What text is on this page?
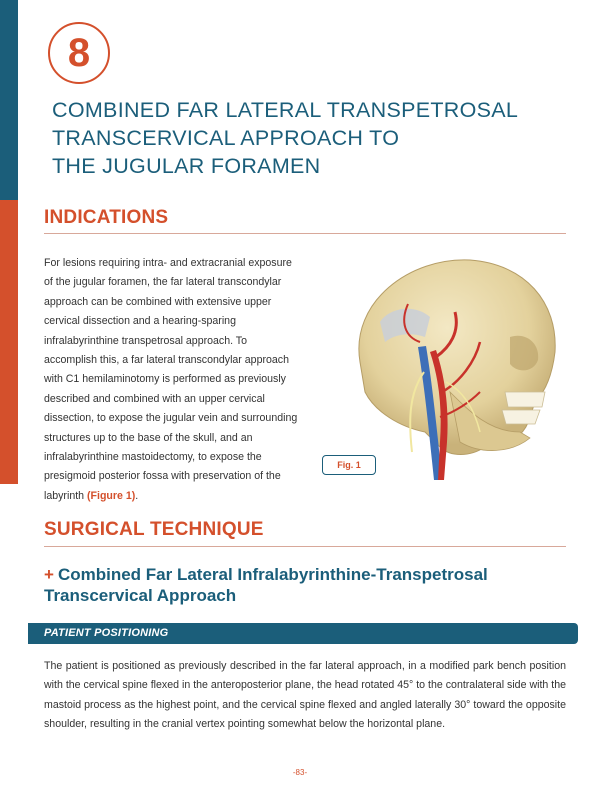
8
COMBINED FAR LATERAL TRANSPETROSAL
TRANSCERVICAL APPROACH TO
THE JUGULAR FORAMEN
INDICATIONS

For lesions requiring intra- and extracranial exposure of the jugular foramen, the far lateral transcondylar approach can be combined with extensive upper cervical dissection and a hearing-sparing infralabyrinthine transpetrosal approach. To accomplish this, a far lateral transcondylar approach with C1 hemilaminotomy is performed as previously described and combined with an upper cervical dissection, to expose the jugular vein and surrounding structures up to the base of the skull, and an infralabyrinthine mastoidectomy, to expose the presigmoid posterior fossa with preservation of the labyrinth (Figure 1).

Fig. 1
SURGICAL TECHNIQUE
+ Combined Far Lateral Infralabyrinthine-Transpetrosal Transcervical Approach
PATIENT POSITIONING

The patient is positioned as previously described in the far lateral approach, in a modified park bench position with the cervical spine flexed in the anteroposterior plane, the head rotated 45° to the contralateral side with the mastoid process as the highest point, and the cervical spine flexed and angled laterally 30° toward the opposite shoulder, resulting in the cranial vertex pointing somewhat below the horizontal plane.

-83-
